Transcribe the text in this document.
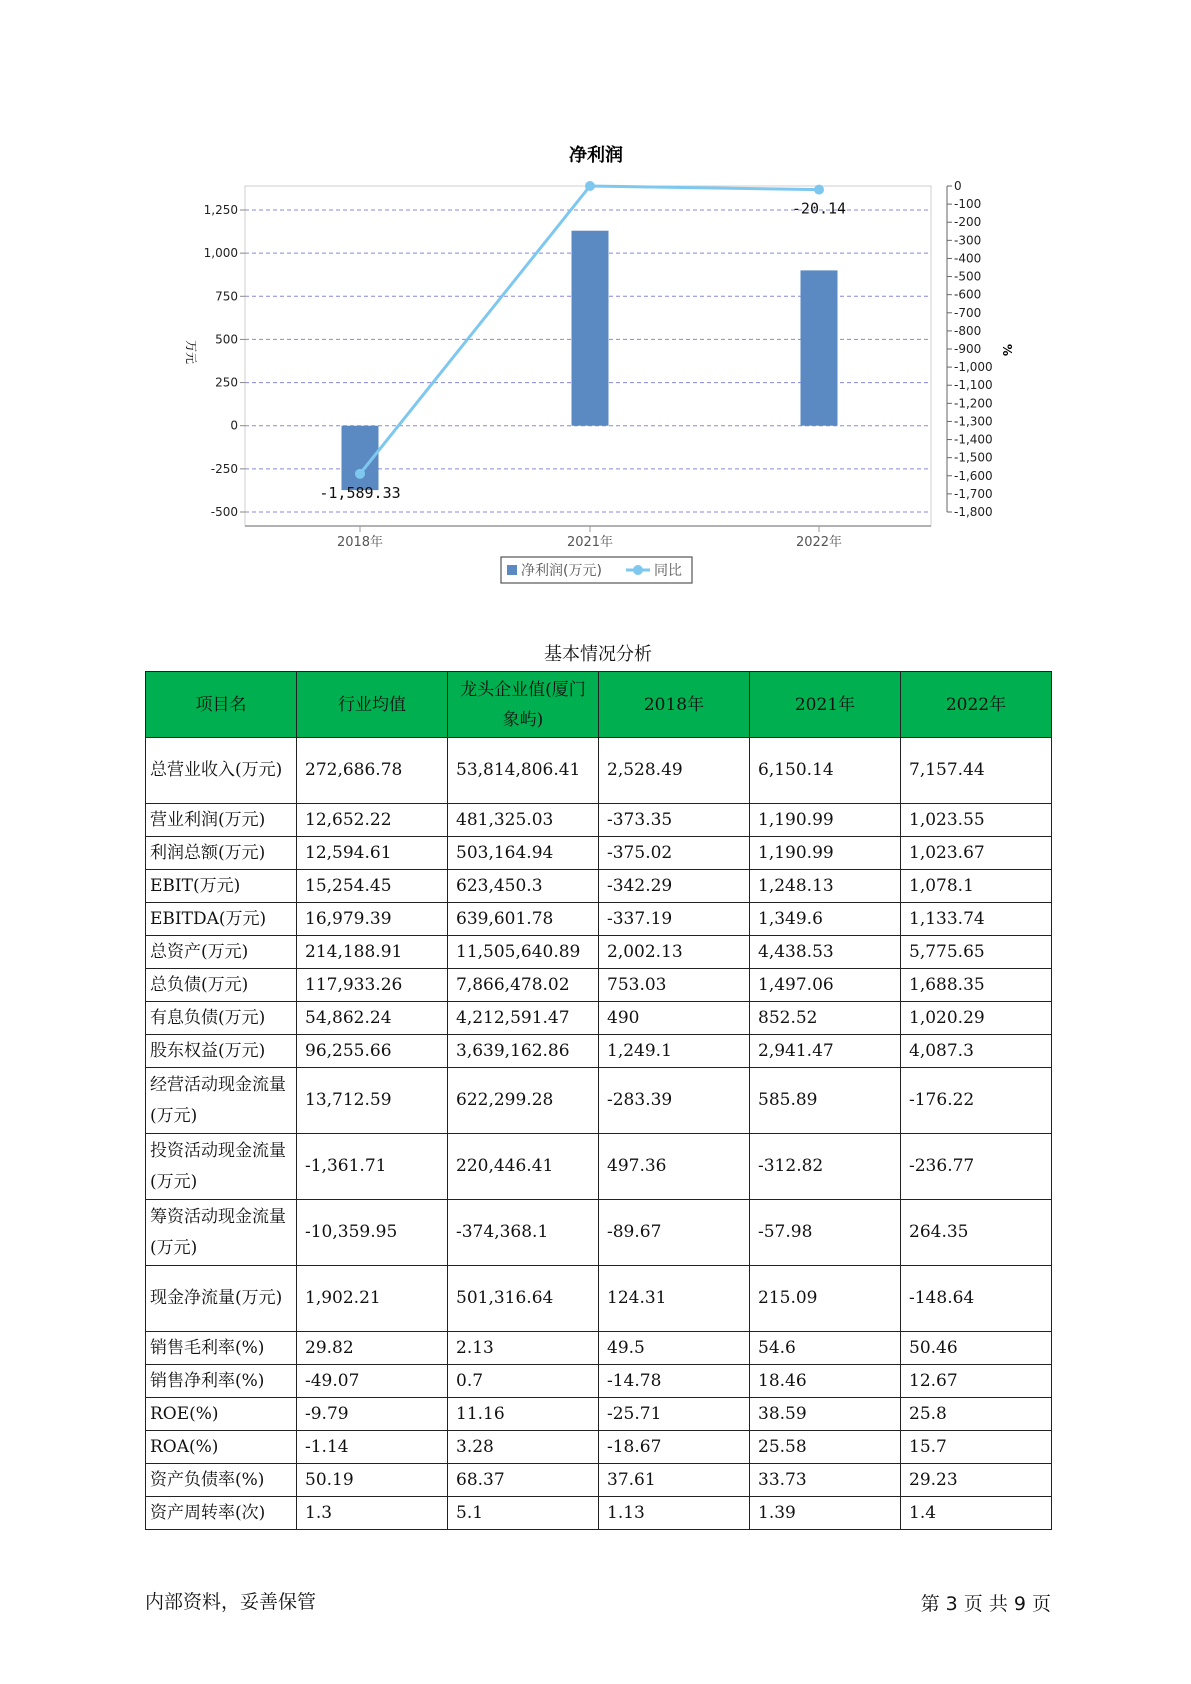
净利润
1,250
1,000
750
500
250
0
-250
-500
0
-100
-200
-300
-400
-500
-600
-700
-800
-900
-1,000
-1,100
-1,200
-1,300
-1,400
-1,500
-1,600
-1,700
-1,800
万元	%
2018年	2021年	2022年
-1,589.33
-20.14
净利润(万元)	同比
基本情况分析
项目名	行业均值	龙头企业值(厦门象屿)	2018年	2021年	2022年
总营业收入(万元)	272,686.78	53,814,806.41	2,528.49	6,150.14	7,157.44
营业利润(万元)	12,652.22	481,325.03	-373.35	1,190.99	1,023.55
利润总额(万元)	12,594.61	503,164.94	-375.02	1,190.99	1,023.67
EBIT(万元)	15,254.45	623,450.3	-342.29	1,248.13	1,078.1
EBITDA(万元)	16,979.39	639,601.78	-337.19	1,349.6	1,133.74
总资产(万元)	214,188.91	11,505,640.89	2,002.13	4,438.53	5,775.65
总负债(万元)	117,933.26	7,866,478.02	753.03	1,497.06	1,688.35
有息负债(万元)	54,862.24	4,212,591.47	490	852.52	1,020.29
股东权益(万元)	96,255.66	3,639,162.86	1,249.1	2,941.47	4,087.3
经营活动现金流量(万元)	13,712.59	622,299.28	-283.39	585.89	-176.22
投资活动现金流量(万元)	-1,361.71	220,446.41	497.36	-312.82	-236.77
筹资活动现金流量(万元)	-10,359.95	-374,368.1	-89.67	-57.98	264.35
现金净流量(万元)	1,902.21	501,316.64	124.31	215.09	-148.64
销售毛利率(%)	29.82	2.13	49.5	54.6	50.46
销售净利率(%)	-49.07	0.7	-14.78	18.46	12.67
ROE(%)	-9.79	11.16	-25.71	38.59	25.8
ROA(%)	-1.14	3.28	-18.67	25.58	15.7
资产负债率(%)	50.19	68.37	37.61	33.73	29.23
资产周转率(次)	1.3	5.1	1.13	1.39	1.4
内部资料，妥善保管	第 3 页 共 9 页
